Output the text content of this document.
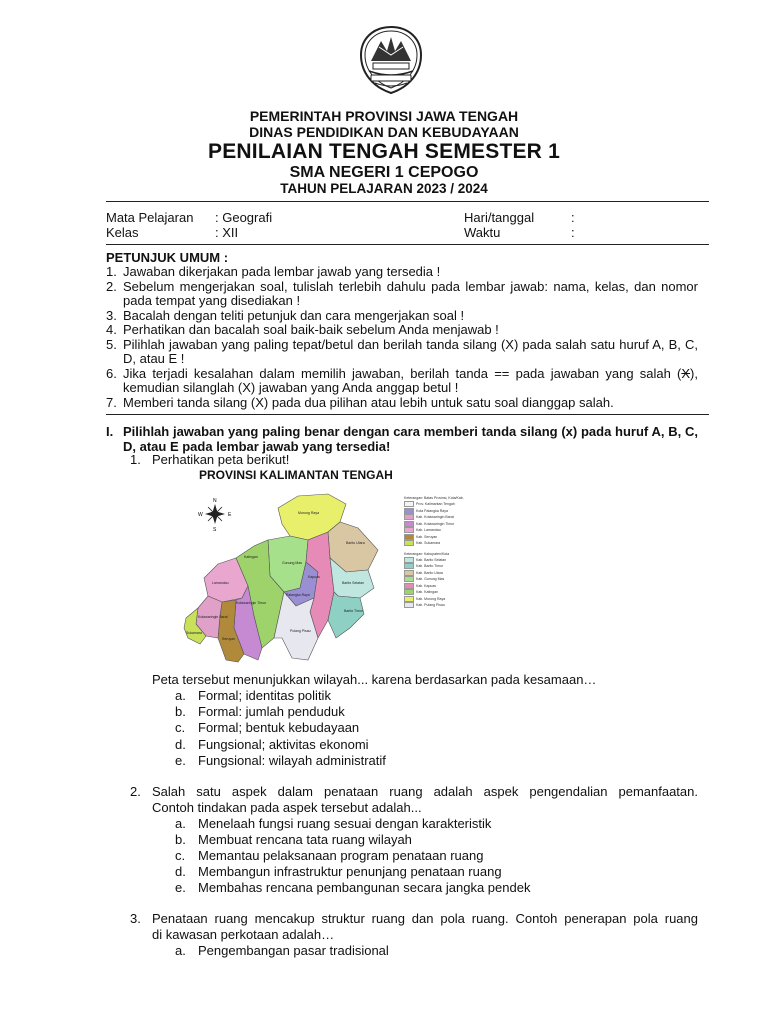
PEMERINTAH PROVINSI JAWA TENGAH
DINAS PENDIDIKAN DAN KEBUDAYAAN
PENILAIAN TENGAH SEMESTER 1
SMA NEGERI 1 CEPOGO
TAHUN PELAJARAN 2023 / 2024
Mata Pelajaran : Geografi	Hari/tanggal	:
Kelas	: XII	Waktu	:
PETUNJUK UMUM :
1. Jawaban dikerjakan pada lembar jawab yang tersedia !
2. Sebelum mengerjakan soal, tulislah terlebih dahulu pada lembar jawab: nama, kelas, dan nomor pada tempat yang disediakan !
3. Bacalah dengan teliti petunjuk dan cara mengerjakan soal !
4. Perhatikan dan bacalah soal baik-baik sebelum Anda menjawab !
5. Pilihlah jawaban yang paling tepat/betul dan berilah tanda silang (X) pada salah satu huruf A, B, C, D, atau E !
6. Jika terjadi kesalahan dalam memilih jawaban, berilah tanda == pada jawaban yang salah (X), kemudian silanglah (X) jawaban yang Anda anggap betul !
7. Memberi tanda silang (X) pada dua pilihan atau lebih untuk satu soal dianggap salah.
I. Pilihlah jawaban yang paling benar dengan cara memberi tanda silang (x) pada huruf A, B, C, D, atau E pada lembar jawab yang tersedia!
1. Perhatikan peta berikut!
PROVINSI KALIMANTAN TENGAH
N
S
W	E	Murung Raya
Barito Utara
Gunung Mas
Katingan
Lamandau
Kotawaringin Timur
Seruyan
Kotawaringin Barat
Sukamara
Palangka Raya
Kapuas
Pulang Pisau
Barito Selatan
Barito Timur
Keterangan: Batas Provinsi, Kota/Kab.
Prov. Kalimantan Tengah
Kota Palangka Raya
Kab. Kotawaringin Barat
Kab. Kotawaringin Timur
Kab. Lamandau
Kab. Seruyan
Kab. Sukamara
Keterangan: Kabupaten/Kota
Kab. Barito Selatan
Kab. Barito Timur
Kab. Barito Utara
Kab. Gunung Mas
Kab. Kapuas
Kab. Katingan
Kab. Murung Raya
Kab. Pulang Pisau
Peta tersebut menunjukkan wilayah... karena berdasarkan pada kesamaan…
a. Formal; identitas politik
b. Formal: jumlah penduduk
c. Formal; bentuk kebudayaan
d. Fungsional; aktivitas ekonomi
e. Fungsional: wilayah administratif
2. Salah satu aspek dalam penataan ruang adalah aspek pengendalian pemanfaatan.
Contoh tindakan pada aspek tersebut adalah...
a. Menelaah fungsi ruang sesuai dengan karakteristik
b. Membuat rencana tata ruang wilayah
c. Memantau pelaksanaan program penataan ruang
d. Membangun infrastruktur penunjang penataan ruang
e. Membahas rencana pembangunan secara jangka pendek
3. Penataan ruang mencakup struktur ruang dan pola ruang. Contoh penerapan pola ruang
di kawasan perkotaan adalah…
a. Pengembangan pasar tradisional
